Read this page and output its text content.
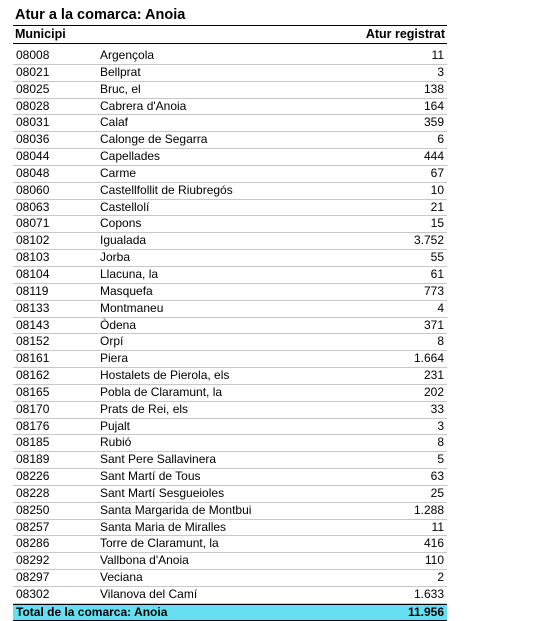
Atur a la comarca: Anoia
Municipi	Atur registrat
08008	Argençola	11
08021	Bellprat	3
08025	Bruc, el	138
08028	Cabrera d'Anoia	164
08031	Calaf	359
08036	Calonge de Segarra	6
08044	Capellades	444
08048	Carme	67
08060	Castellfollit de Riubregós	10
08063	Castellolí	21
08071	Copons	15
08102	Igualada	3.752
08103	Jorba	55
08104	Llacuna, la	61
08119	Masquefa	773
08133	Montmaneu	4
08143	Òdena	371
08152	Orpí	8
08161	Piera	1.664
08162	Hostalets de Pierola, els	231
08165	Pobla de Claramunt, la	202
08170	Prats de Rei, els	33
08176	Pujalt	3
08185	Rubió	8
08189	Sant Pere Sallavinera	5
08226	Sant Martí de Tous	63
08228	Sant Martí Sesgueioles	25
08250	Santa Margarida de Montbui	1.288
08257	Santa Maria de Miralles	11
08286	Torre de Claramunt, la	416
08292	Vallbona d'Anoia	110
08297	Veciana	2
08302	Vilanova del Camí	1.633
Total de la comarca: Anoia	11.956
